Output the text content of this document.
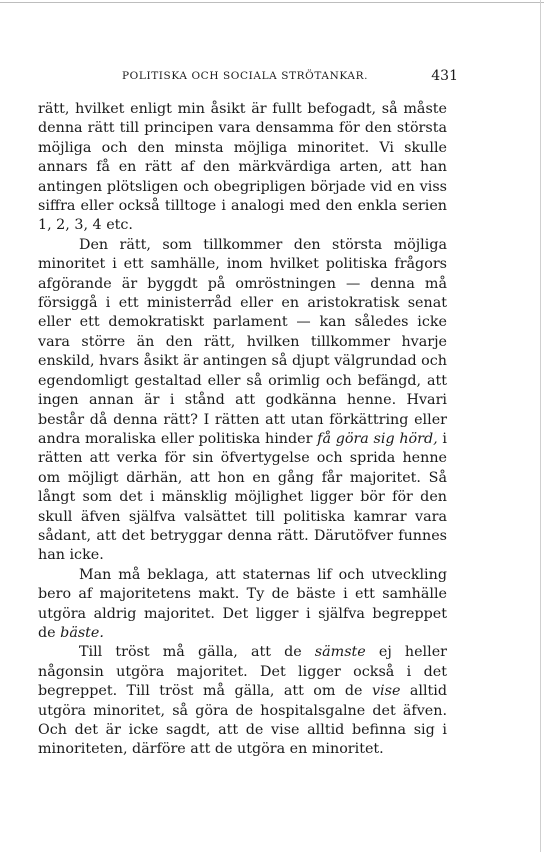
POLITISKA OCH SOCIALA STRÖTANKAR.	431

rätt, hvilket enligt min åsikt är fullt befogadt, så måste denna rätt till principen vara densamma för den största möjliga och den minsta möjliga minoritet. Vi skulle annars få en rätt af den märkvärdiga arten, att han antingen plötsligen och obegripligen började vid en viss siffra eller också tilltoge i analogi med den enkla serien 1, 2, 3, 4 etc.

Den rätt, som tillkommer den största möjliga minoritet i ett samhälle, inom hvilket politiska frågors afgörande är byggdt på omröstningen — denna må försiggå i ett ministerråd eller en aristokratisk senat eller ett demokratiskt parlament — kan således icke vara större än den rätt, hvilken tillkommer hvarje enskild, hvars åsikt är antingen så djupt välgrundad och egendomligt gestaltad eller så orimlig och befängd, att ingen annan är i stånd att godkänna henne. Hvari består då denna rätt? I rätten att utan förkättring eller andra moraliska eller politiska hinder få göra sig hörd, i rätten att verka för sin öfvertygelse och sprida henne om möjligt därhän, att hon en gång får majoritet. Så långt som det i mänsklig möjlighet ligger bör för den skull äfven själfva valsättet till politiska kamrar vara sådant, att det betryggar denna rätt. Därutöfver funnes han icke.

Man må beklaga, att staternas lif och utveckling bero af majoritetens makt. Ty de bäste i ett samhälle utgöra aldrig majoritet. Det ligger i själfva begreppet de bäste.

Till tröst må gälla, att de sämste ej heller någonsin utgöra majoritet. Det ligger också i det begreppet. Till tröst må gälla, att om de vise alltid utgöra minoritet, så göra de hospitalsgalne det äfven. Och det är icke sagdt, att de vise alltid befinna sig i minoriteten, därföre att de utgöra en minoritet.
